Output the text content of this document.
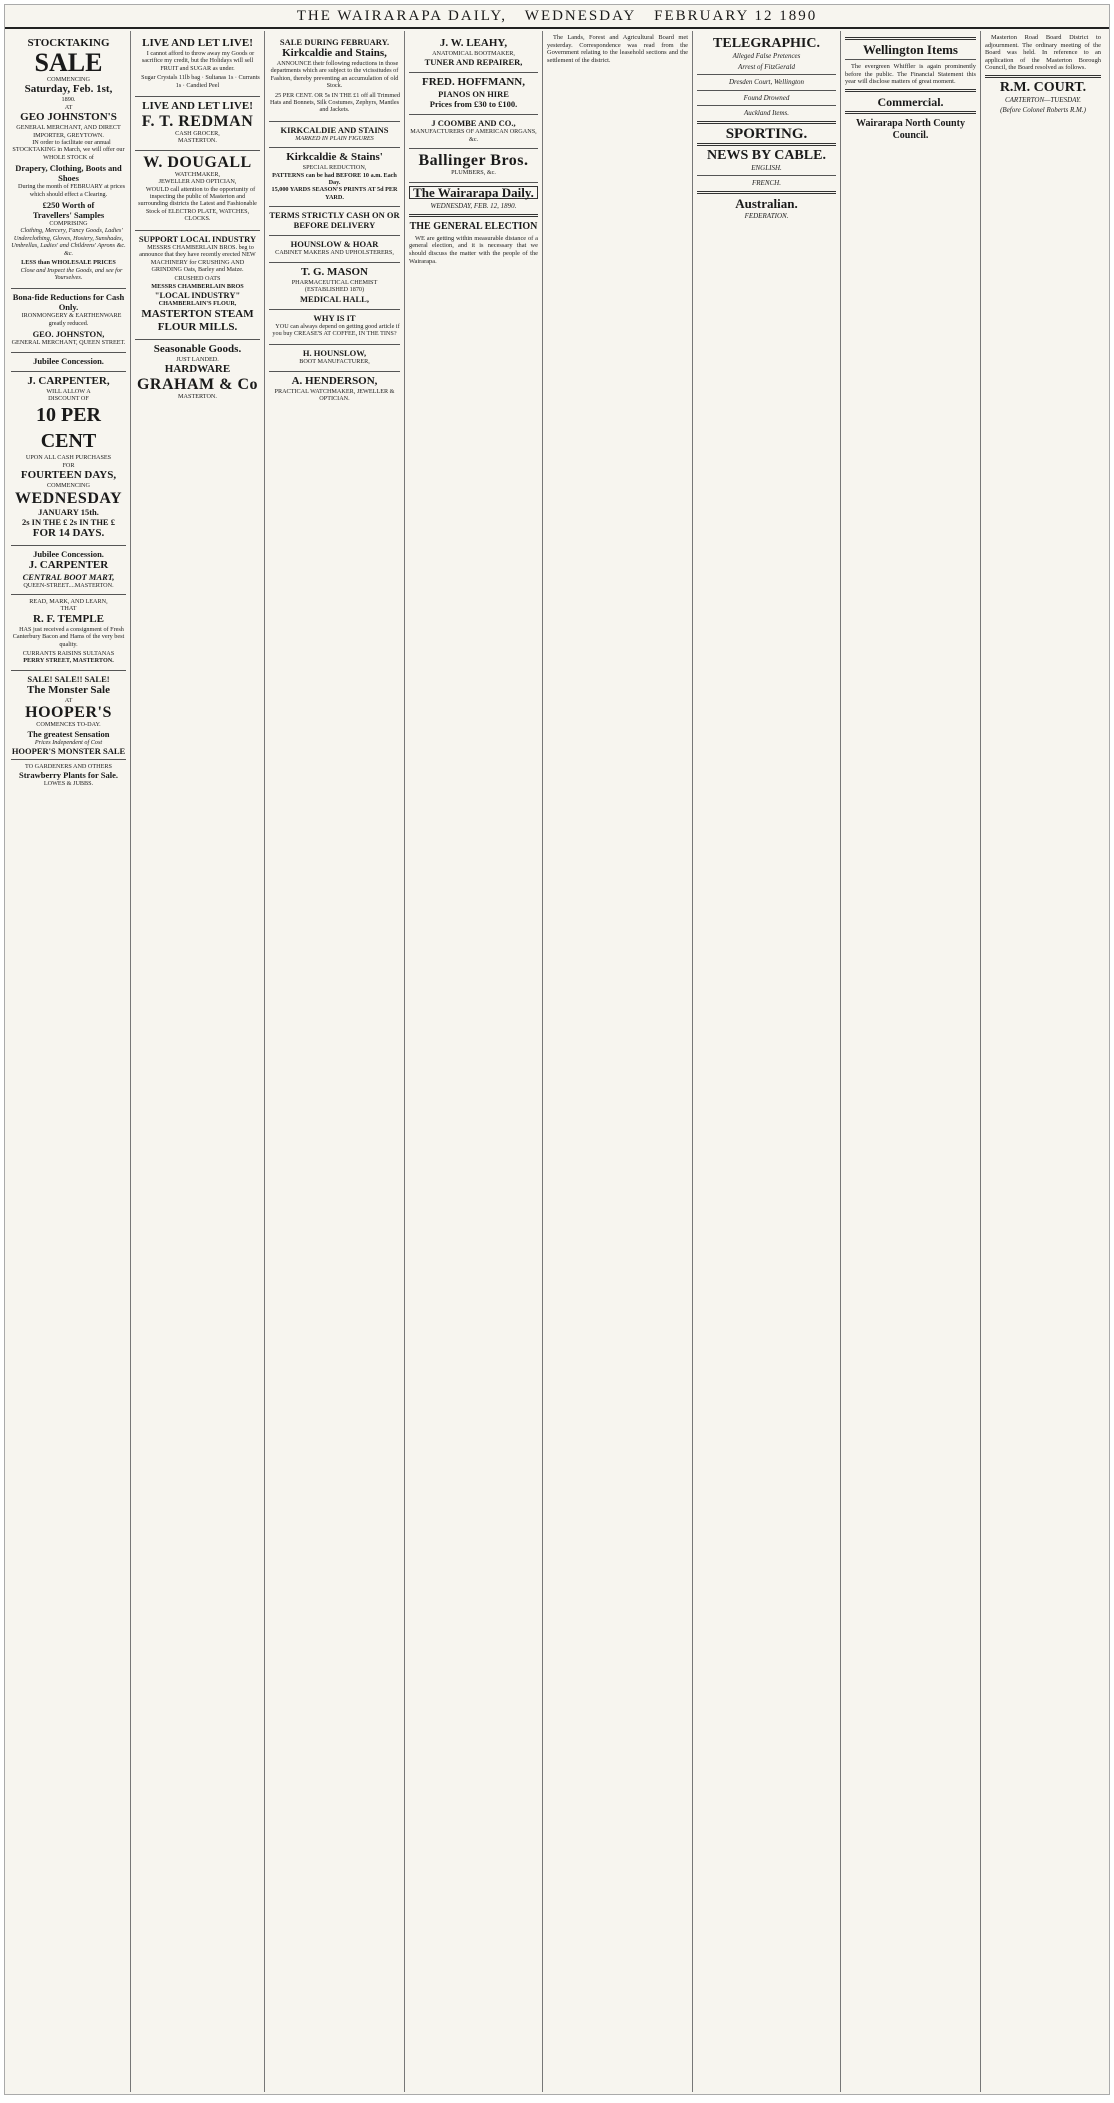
THE WAIRARAPA DAILY, WEDNESDAY FEBRUARY 12 1890
STOCKTAKING
SALE
COMMENCING
Saturday, Feb. 1st,
1890.
AT
GEO JOHNSTON'S
GENERAL MERCHANT, AND DIRECT IMPORTER, GREYTOWN.

IN order to facilitate our annual STOCKTAKING in March, we will offer our WHOLE STOCK of

Drapery, Clothing, Boots and Shoes

During the month of FEBRUARY at prices which should effect a Clearing.

£250 Worth of
Travellers' Samples
COMPRISING

Clothing, Mercery, Fancy Goods, Ladies' Underclothing, Gloves, Hosiery, Sunshades, Umbrellas, Ladies' and Childrens' Aprons &c. &c.

LESS than WHOLESALE PRICES

Close and Inspect the Goods, and see for Yourselves.

Bona-fide Reductions for Cash Only.

IRONMONGERY & EARTHENWARE greatly reduced.

GEO. JOHNSTON,
GENERAL MERCHANT, QUEEN STREET.
Jubilee Concession.
J. CARPENTER,
WILL ALLOW A
DISCOUNT OF
10 PER CENT
UPON ALL CASH PURCHASES
FOR
FOURTEEN DAYS,
COMMENCING
WEDNESDAY
JANUARY 15th.
2s IN THE £ 2s IN THE £
FOR 14 DAYS.
Jubilee Concession.
J. CARPENTER
CENTRAL BOOT MART,
QUEEN-STREET....MASTERTON.
READ, MARK, AND LEARN,
THAT
R. F. TEMPLE

HAS just received a consignment of Fresh Canterbury Bacon and Hams of the very best quality.

CURRANTS RAISINS SULTANAS
PERRY STREET, MASTERTON.
SALE! SALE!! SALE!
The Monster Sale
AT
HOOPER'S
COMMENCES TO-DAY.
The greatest Sensation
Prices Independent of Cost
HOOPER'S MONSTER SALE
TO GARDENERS AND OTHERS
Strawberry Plants for Sale.
LOWES & JUBBS.
LIVE AND LET LIVE!

I cannot afford to throw away my Goods or sacrifice my credit, but the Holidays will sell FRUIT and SUGAR as under.

Sugar Crystals 11lb bag · Sultanas 1s · Currants 1s · Candied Peel

LIVE AND LET LIVE!
F. T. REDMAN
CASH GROCER,
MASTERTON.
W. DOUGALL
WATCHMAKER,
JEWELLER AND OPTICIAN,

WOULD call attention to the opportunity of inspecting the public of Masterton and surrounding districts the Latest and Fashionable Stock of ELECTRO PLATE, WATCHES, CLOCKS.

SUPPORT LOCAL INDUSTRY

MESSRS CHAMBERLAIN BROS. beg to announce that they have recently erected NEW MACHINERY for CRUSHING AND GRINDING Oats, Barley and Maize.

CRUSHED OATS
MESSRS CHAMBERLAIN BROS
"LOCAL INDUSTRY"
CHAMBERLAIN'S FLOUR,
MASTERTON STEAM FLOUR MILLS.
Seasonable Goods.
JUST LANDED.
HARDWARE
GRAHAM & Co
MASTERTON.
SALE DURING FEBRUARY.
Kirkcaldie and Stains,

ANNOUNCE their following reductions in those departments which are subject to the vicissitudes of Fashion, thereby preventing an accumulation of old Stock.

25 PER CENT. OR 5s IN THE £1 off all Trimmed Hats and Bonnets, Silk Costumes, Zephyrs, Mantles and Jackets.

KIRKCALDIE AND STAINS
MARKED IN PLAIN FIGURES
Kirkcaldie & Stains'
SPECIAL REDUCTION,
PATTERNS can be had BEFORE 10 a.m. Each Day.
15,000 YARDS SEASON'S PRINTS AT 5d PER YARD.
TERMS STRICTLY CASH ON OR BEFORE DELIVERY
HOUNSLOW & HOAR
CABINET MAKERS AND UPHOLSTERERS,
T. G. MASON
PHARMACEUTICAL CHEMIST
(ESTABLISHED 1870)
MEDICAL HALL,
WHY IS IT

YOU can always depend on getting good article if you buy CREASE'S AT COFFEE, IN THE TINS?

H. HOUNSLOW,
BOOT MANUFACTURER,
A. HENDERSON,
PRACTICAL WATCHMAKER, JEWELLER & OPTICIAN.
J. W. LEAHY,
ANATOMICAL BOOTMAKER,
TUNER AND REPAIRER,
FRED. HOFFMANN,
PIANOS ON HIRE
Prices from £30 to £100.
J COOMBE AND CO.,
MANUFACTURERS OF AMERICAN ORGANS, &c.
Ballinger Bros.
PLUMBERS, &c.
The Wairarapa Daily.
WEDNESDAY, FEB. 12, 1890.
THE GENERAL ELECTION

WE are getting within measurable distance of a general election, and it is necessary that we should discuss the matter with the people of the Wairarapa.

The Lands, Forest and Agricultural Board met yesterday. Correspondence was read from the Government relating to the leasehold sections and the settlement of the district.

TELEGRAPHIC.
Alleged False Pretences
Arrest of FitzGerald
Dresden Court, Wellington
Found Drowned
Auckland Items.
SPORTING.
NEWS BY CABLE.
ENGLISH.
FRENCH.
Australian.
FEDERATION.
Wellington Items

The evergreen Whiffler is again prominently before the public. The Financial Statement this year will disclose matters of great moment.

Commercial.
Wairarapa North County Council.

Masterton Road Board District to adjournment. The ordinary meeting of the Board was held. In reference to an application of the Masterton Borough Council, the Board resolved as follows.

R.M. COURT.
CARTERTON—TUESDAY.
(Before Colonel Roberts R.M.)
